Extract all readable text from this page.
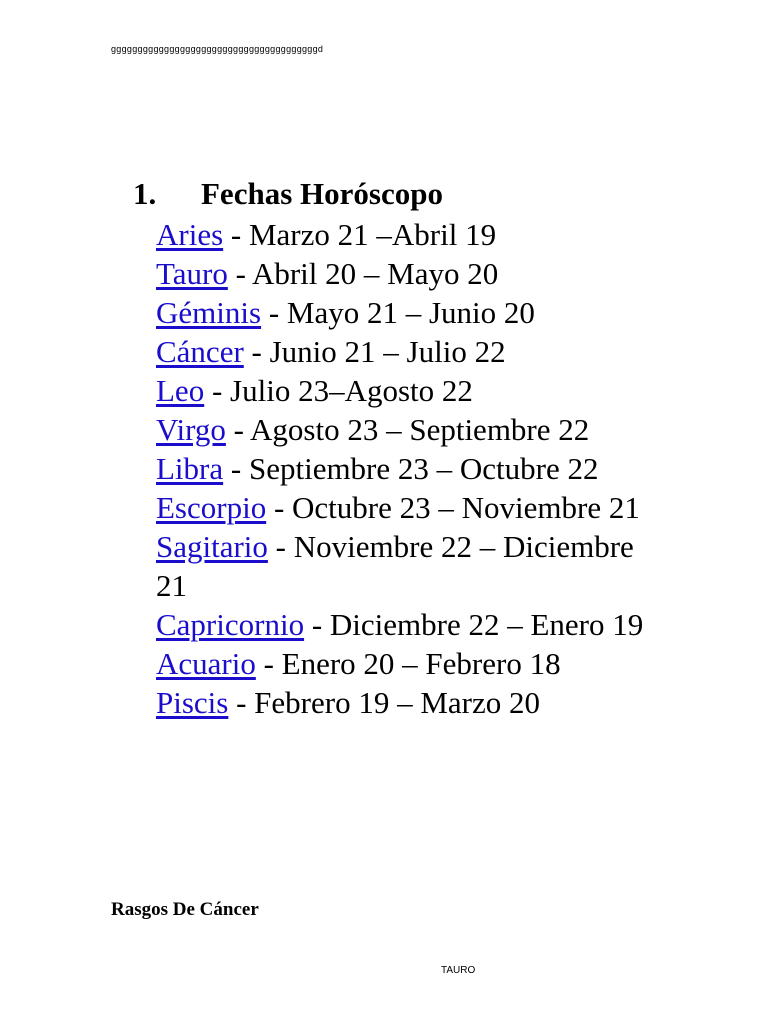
gggggggggggggggggggggggggggggggggggggggd
1. Fechas Horóscopo
Aries - Marzo 21 –Abril 19
Tauro - Abril 20 – Mayo 20
Géminis - Mayo 21 – Junio 20
Cáncer - Junio 21 – Julio 22
Leo - Julio 23–Agosto 22
Virgo - Agosto 23 – Septiembre 22
Libra - Septiembre 23 – Octubre 22
Escorpio - Octubre 23 – Noviembre 21
Sagitario - Noviembre 22 – Diciembre 21
Capricornio - Diciembre 22 – Enero 19
Acuario - Enero 20 – Febrero 18
Piscis - Febrero 19 – Marzo 20
Rasgos De Cáncer
TAURO
